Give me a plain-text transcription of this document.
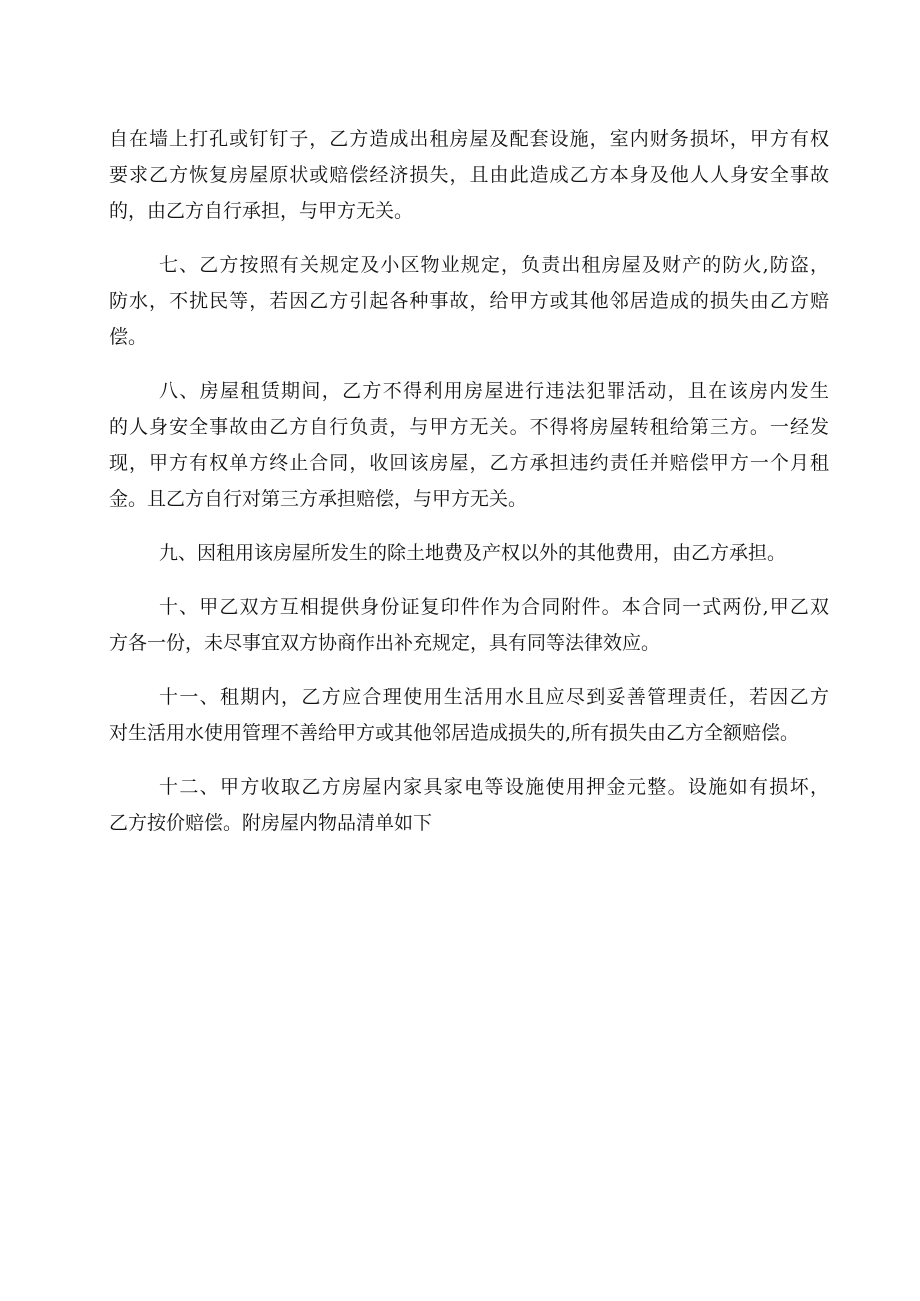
自在墙上打孔或钉钉子，乙方造成出租房屋及配套设施，室内财务损坏，甲方有权
要求乙方恢复房屋原状或赔偿经济损失，且由此造成乙方本身及他人人身安全事故
的，由乙方自行承担，与甲方无关。
七、乙方按照有关规定及小区物业规定，负责出租房屋及财产的防火,防盗，
防水，不扰民等，若因乙方引起各种事故，给甲方或其他邻居造成的损失由乙方赔
偿。
八、房屋租赁期间，乙方不得利用房屋进行违法犯罪活动，且在该房内发生
的人身安全事故由乙方自行负责，与甲方无关。不得将房屋转租给第三方。一经发
现，甲方有权单方终止合同，收回该房屋，乙方承担违约责任并赔偿甲方一个月租
金。且乙方自行对第三方承担赔偿，与甲方无关。
九、因租用该房屋所发生的除土地费及产权以外的其他费用，由乙方承担。
十、甲乙双方互相提供身份证复印件作为合同附件。本合同一式两份,甲乙双
方各一份，未尽事宜双方协商作出补充规定，具有同等法律效应。
十一、租期内，乙方应合理使用生活用水且应尽到妥善管理责任，若因乙方
对生活用水使用管理不善给甲方或其他邻居造成损失的,所有损失由乙方全额赔偿。
十二、甲方收取乙方房屋内家具家电等设施使用押金元整。设施如有损坏，
乙方按价赔偿。附房屋内物品清单如下
